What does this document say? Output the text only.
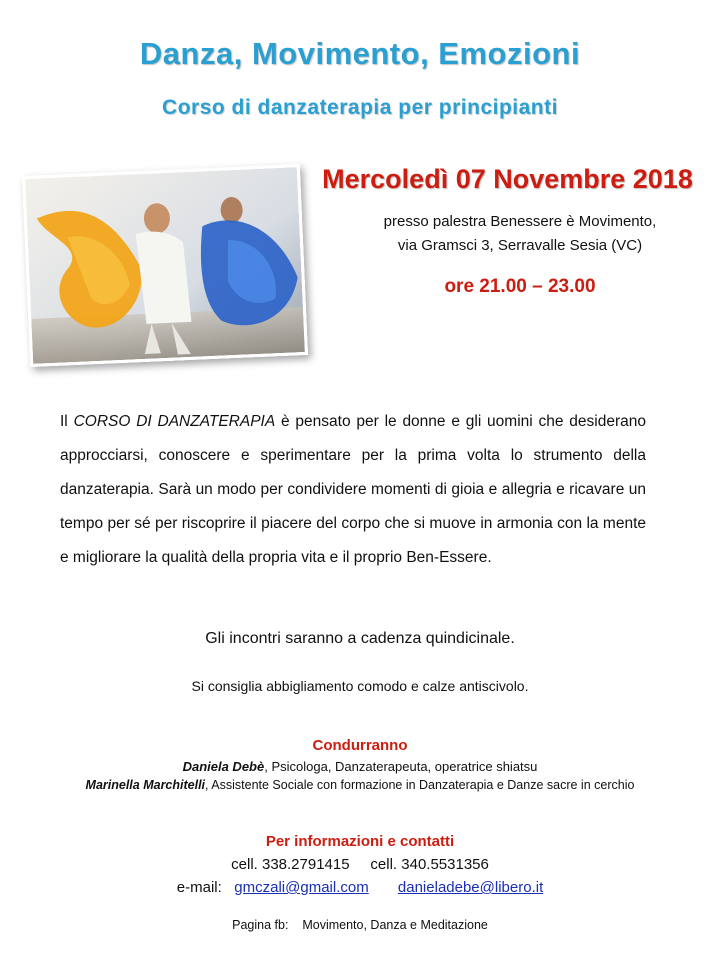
Danza, Movimento, Emozioni
Corso di danzaterapia per principianti
Mercoledì 07 Novembre 2018
presso palestra Benessere è Movimento,
via Gramsci 3, Serravalle Sesia (VC)
ore 21.00 – 23.00
Il CORSO DI DANZATERAPIA è pensato per le donne e gli uomini che desiderano approcciarsi, conoscere e sperimentare per la prima volta lo strumento della danzaterapia. Sarà un modo per condividere momenti di gioia e allegria e ricavare un tempo per sé per riscoprire il piacere del corpo che si muove in armonia con la mente e migliorare la qualità della propria vita e il proprio Ben-Essere.
Gli incontri saranno a cadenza quindicinale.
Si consiglia abbigliamento comodo e calze antiscivolo.
Condurranno
Daniela Debè, Psicologa, Danzaterapeuta, operatrice shiatsu
Marinella Marchitelli, Assistente Sociale con formazione in Danzaterapia e Danze sacre in cerchio
Per informazioni e contatti
cell. 338.2791415     cell. 340.5531356
e-mail: gmczali@gmail.com danieladebe@libero.it
Pagina fb: Movimento, Danza e Meditazione
